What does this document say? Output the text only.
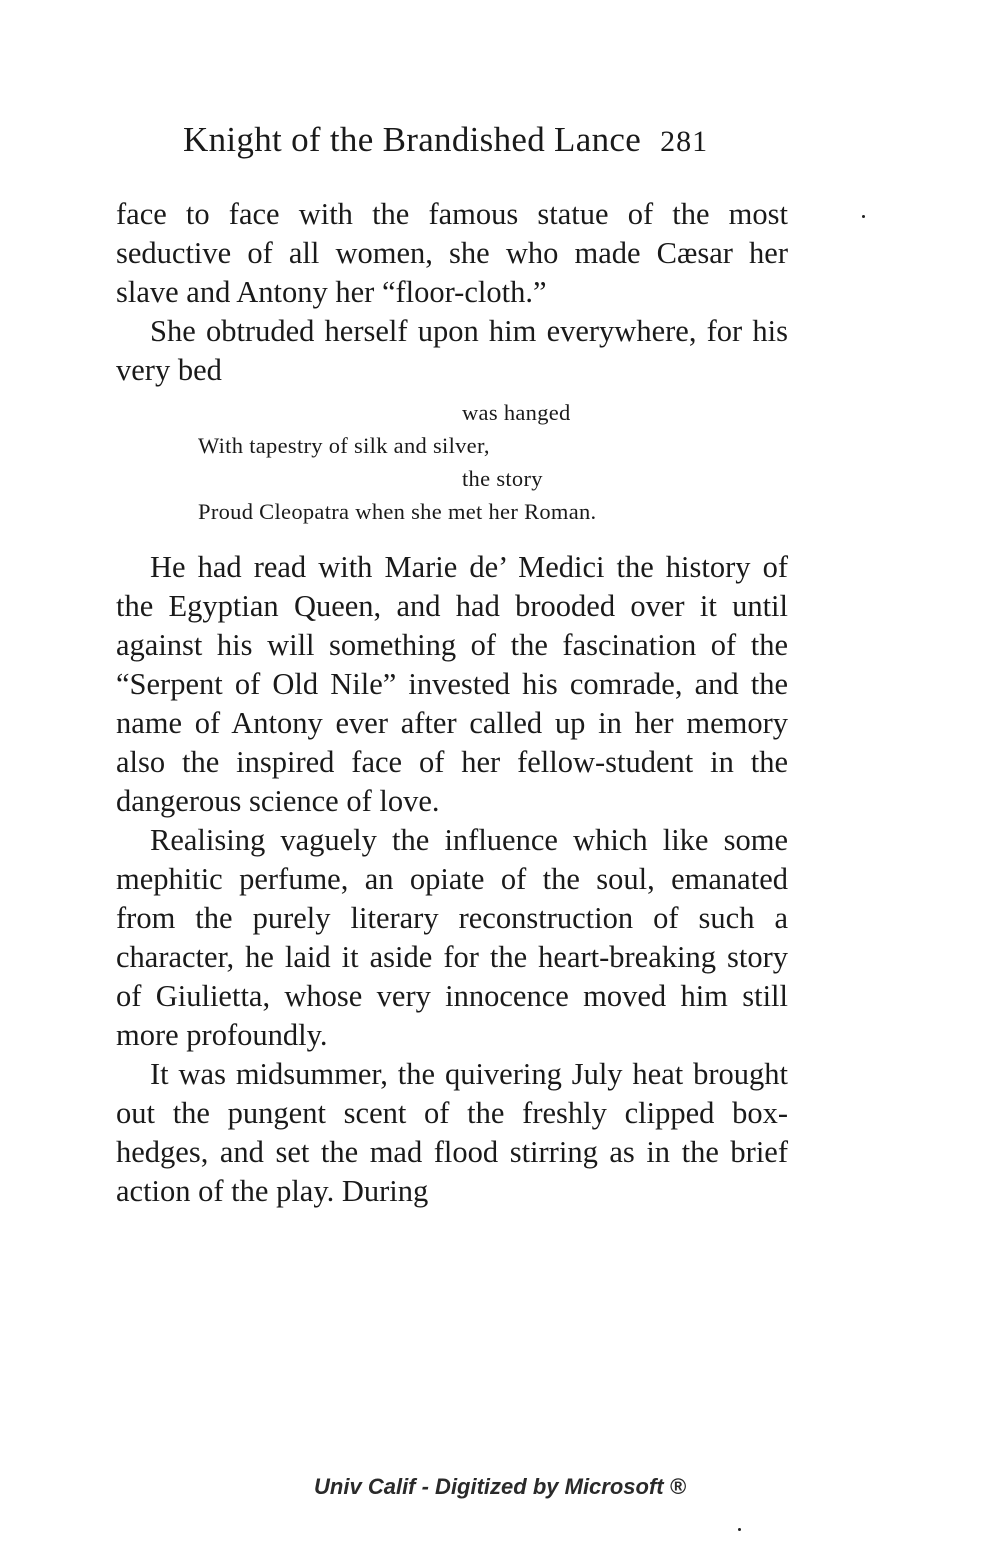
Knight of the Brandished Lance 281

face to face with the famous statue of the most seductive of all women, she who made Cæsar her slave and Antony her “floor-cloth.”

She obtruded herself upon him everywhere, for his very bed

was hanged
With tapestry of silk and silver,
the story
Proud Cleopatra when she met her Roman.

He had read with Marie de’ Medici the history of the Egyptian Queen, and had brooded over it until against his will something of the fascination of the “Serpent of Old Nile” invested his comrade, and the name of Antony ever after called up in her memory also the inspired face of her fellow-student in the dangerous science of love.

Realising vaguely the influence which like some mephitic perfume, an opiate of the soul, emanated from the purely literary reconstruction of such a character, he laid it aside for the heart-breaking story of Giulietta, whose very innocence moved him still more profoundly.

It was midsummer, the quivering July heat brought out the pungent scent of the freshly clipped box-hedges, and set the mad flood stirring as in the brief action of the play. During

Univ Calif - Digitized by Microsoft ®
